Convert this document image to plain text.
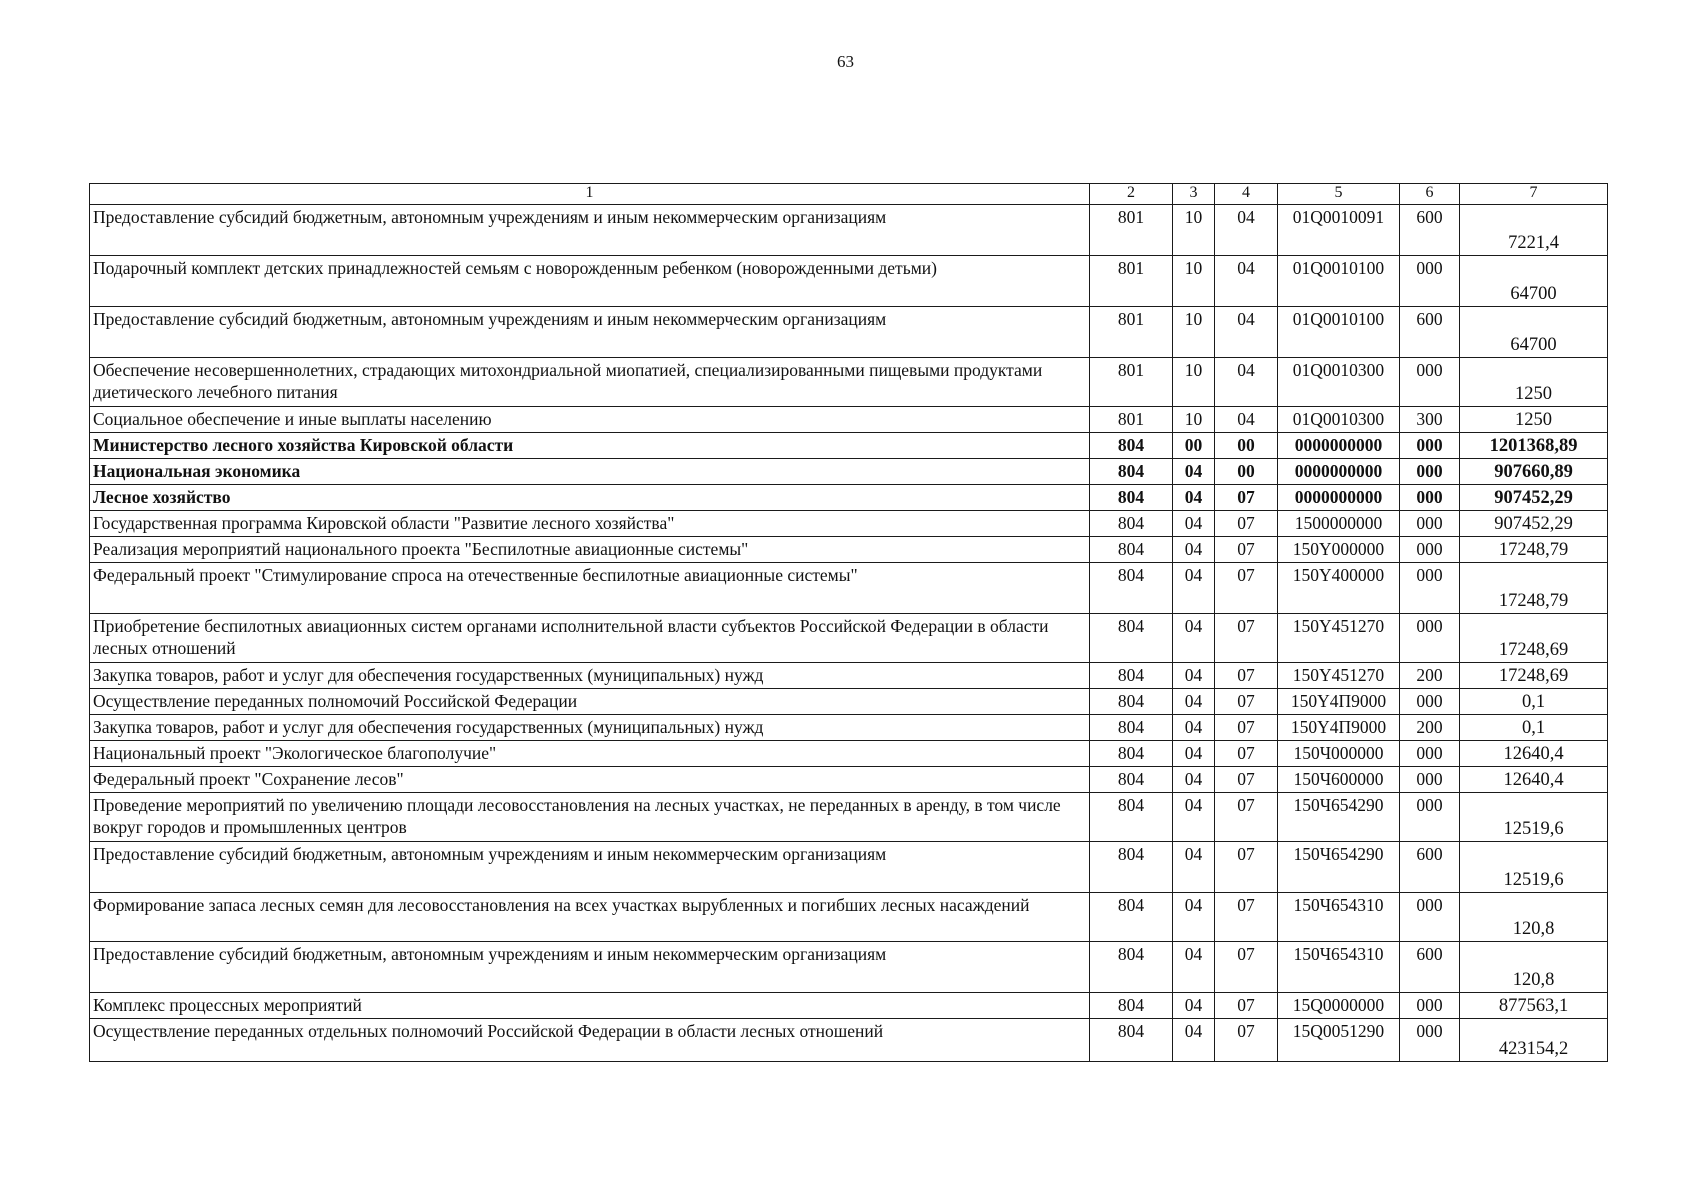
63
1	2	3	4	5	6	7
Предоставление субсидий бюджетным, автономным учреждениям и иным некоммерческим организациям	801	10	04	01Q0010091	600	7221,4
Подарочный комплект детских принадлежностей семьям с новорожденным ребенком (новорожденными детьми)	801	10	04	01Q0010100	000	64700
Предоставление субсидий бюджетным, автономным учреждениям и иным некоммерческим организациям	801	10	04	01Q0010100	600	64700
Обеспечение несовершеннолетних, страдающих митохондриальной миопатией, специализированными пищевыми продуктами диетического лечебного питания	801	10	04	01Q0010300	000	1250
Социальное обеспечение и иные выплаты населению	801	10	04	01Q0010300	300	1250
Министерство лесного хозяйства Кировской области	804	00	00	0000000000	000	1201368,89
Национальная экономика	804	04	00	0000000000	000	907660,89
Лесное хозяйство	804	04	07	0000000000	000	907452,29
Государственная программа Кировской области "Развитие лесного хозяйства"	804	04	07	1500000000	000	907452,29
Реализация мероприятий национального проекта "Беспилотные авиационные системы"	804	04	07	150Y000000	000	17248,79
Федеральный проект "Стимулирование спроса на отечественные беспилотные авиационные системы"	804	04	07	150Y400000	000	17248,79
Приобретение беспилотных авиационных систем органами исполнительной власти субъектов Российской Федерации в области лесных отношений	804	04	07	150Y451270	000	17248,69
Закупка товаров, работ и услуг для обеспечения государственных (муниципальных) нужд	804	04	07	150Y451270	200	17248,69
Осуществление переданных полномочий Российской Федерации	804	04	07	150Y4П9000	000	0,1
Закупка товаров, работ и услуг для обеспечения государственных (муниципальных) нужд	804	04	07	150Y4П9000	200	0,1
Национальный проект "Экологическое благополучие"	804	04	07	150Ч000000	000	12640,4
Федеральный проект "Сохранение лесов"	804	04	07	150Ч600000	000	12640,4
Проведение мероприятий по увеличению площади лесовосстановления на лесных участках, не переданных в аренду, в том числе вокруг городов и промышленных центров	804	04	07	150Ч654290	000	12519,6
Предоставление субсидий бюджетным, автономным учреждениям и иным некоммерческим организациям	804	04	07	150Ч654290	600	12519,6
Формирование запаса лесных семян для лесовосстановления на всех участках вырубленных и погибших лесных насаждений	804	04	07	150Ч654310	000	120,8
Предоставление субсидий бюджетным, автономным учреждениям и иным некоммерческим организациям	804	04	07	150Ч654310	600	120,8
Комплекс процессных мероприятий	804	04	07	15Q0000000	000	877563,1
Осуществление переданных отдельных полномочий Российской Федерации в области лесных отношений	804	04	07	15Q0051290	000	423154,2
